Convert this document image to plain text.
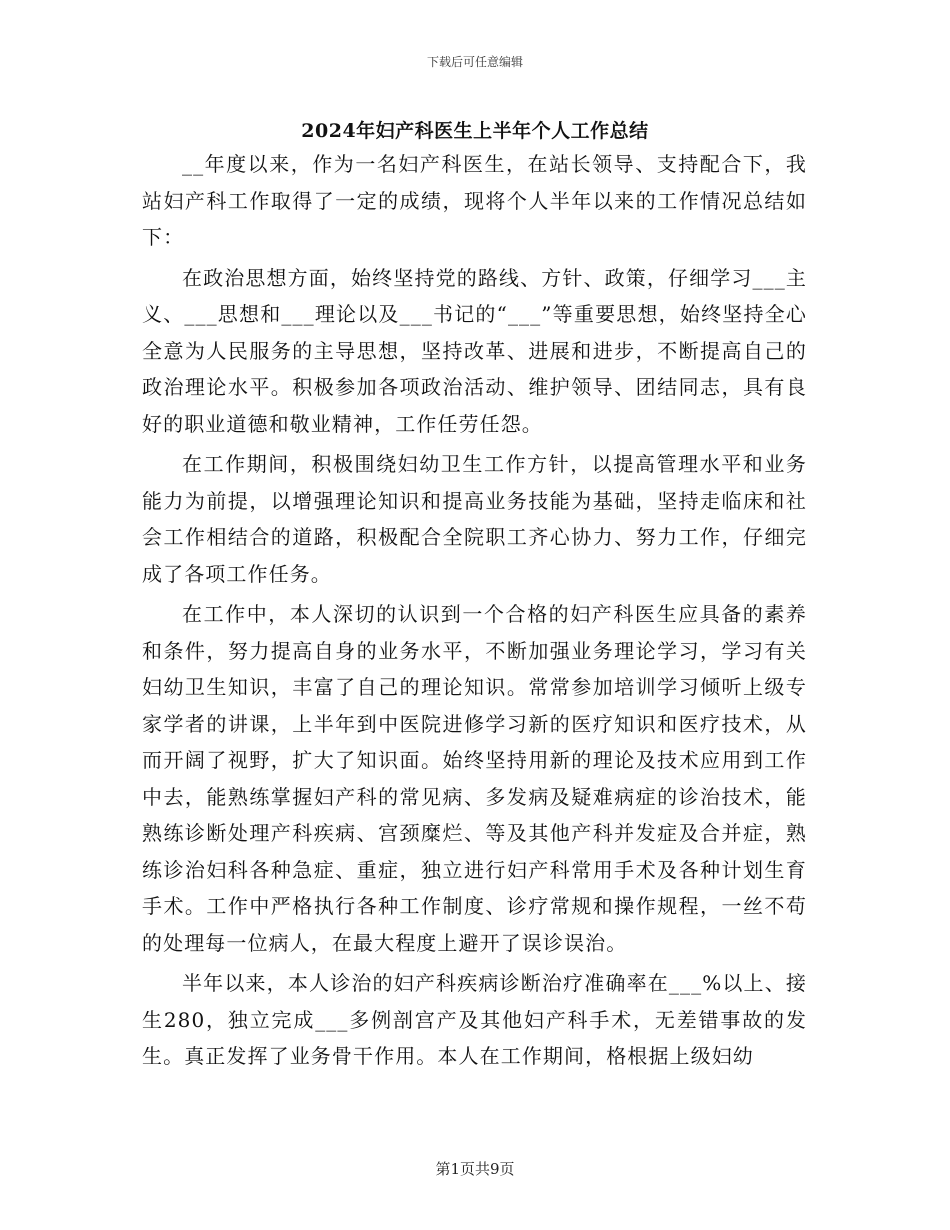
下载后可任意编辑
2024年妇产科医生上半年个人工作总结

__年度以来，作为一名妇产科医生，在站长领导、支持配合下，我站妇产科工作取得了一定的成绩，现将个人半年以来的工作情况总结如下：

在政治思想方面，始终坚持党的路线、方针、政策，仔细学习___主义、___思想和___理论以及___书记的“___”等重要思想，始终坚持全心全意为人民服务的主导思想，坚持改革、进展和进步，不断提高自己的政治理论水平。积极参加各项政治活动、维护领导、团结同志，具有良好的职业道德和敬业精神，工作任劳任怨。

在工作期间，积极围绕妇幼卫生工作方针，以提高管理水平和业务能力为前提，以增强理论知识和提高业务技能为基础，坚持走临床和社会工作相结合的道路，积极配合全院职工齐心协力、努力工作，仔细完成了各项工作任务。

在工作中，本人深切的认识到一个合格的妇产科医生应具备的素养和条件，努力提高自身的业务水平，不断加强业务理论学习，学习有关妇幼卫生知识，丰富了自己的理论知识。常常参加培训学习倾听上级专家学者的讲课，上半年到中医院进修学习新的医疗知识和医疗技术，从而开阔了视野，扩大了知识面。始终坚持用新的理论及技术应用到工作中去，能熟练掌握妇产科的常见病、多发病及疑难病症的诊治技术，能熟练诊断处理产科疾病、宫颈糜烂、等及其他产科并发症及合并症，熟练诊治妇科各种急症、重症，独立进行妇产科常用手术及各种计划生育手术。工作中严格执行各种工作制度、诊疗常规和操作规程，一丝不苟的处理每一位病人，在最大程度上避开了误诊误治。

半年以来，本人诊治的妇产科疾病诊断治疗准确率在___%以上、接生280，独立完成___多例剖宫产及其他妇产科手术，无差错事故的发生。真正发挥了业务骨干作用。本人在工作期间，格根据上级妇幼

第1页共9页
